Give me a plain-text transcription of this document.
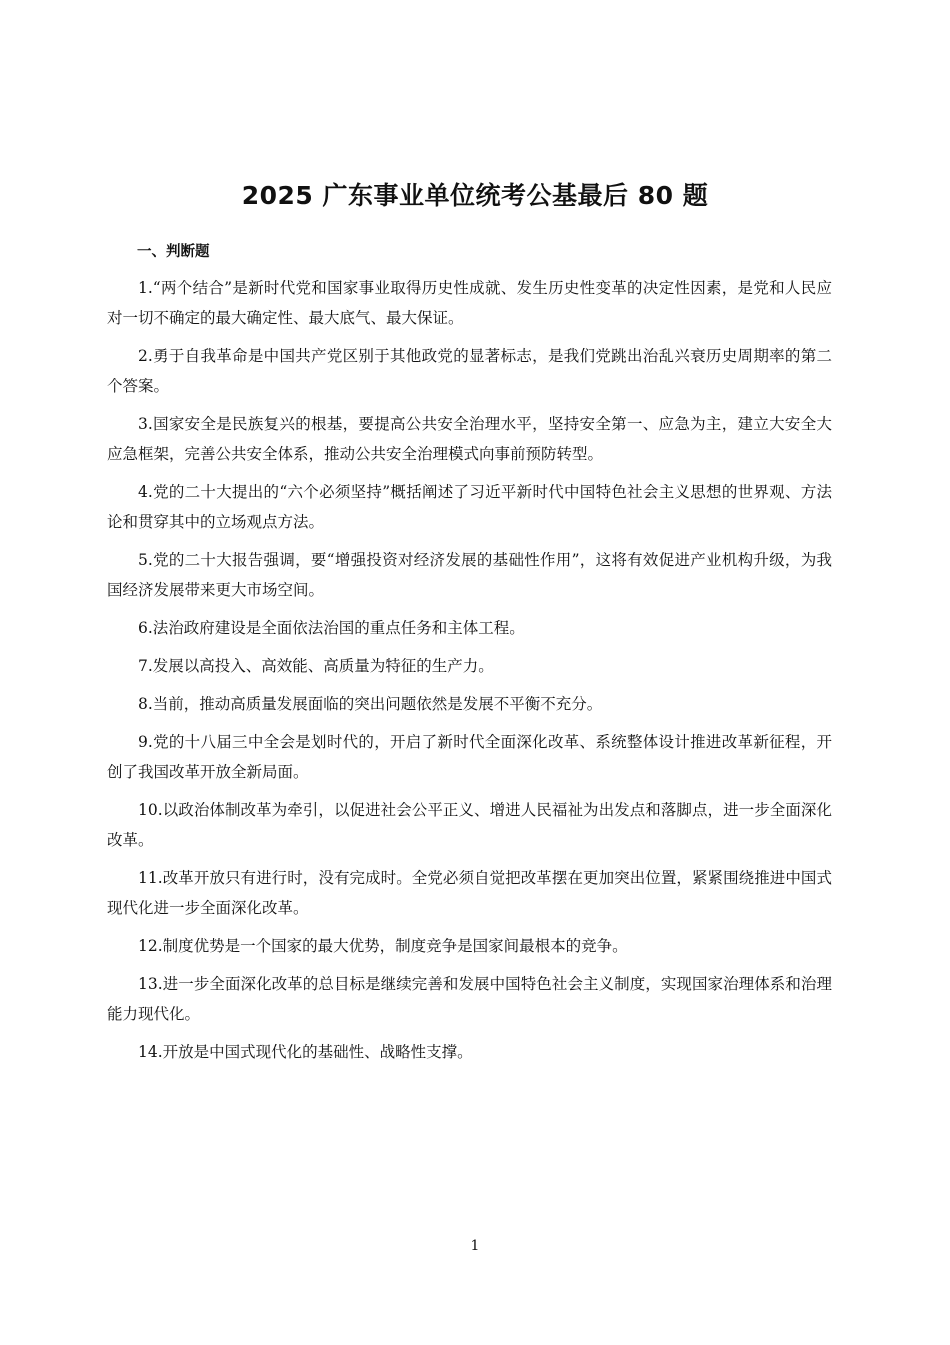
2025 广东事业单位统考公基最后 80 题
一、判断题
1.“两个结合”是新时代党和国家事业取得历史性成就、发生历史性变革的决定性因素，是党和人民应对一切不确定的最大确定性、最大底气、最大保证。
2.勇于自我革命是中国共产党区别于其他政党的显著标志，是我们党跳出治乱兴衰历史周期率的第二个答案。
3.国家安全是民族复兴的根基，要提高公共安全治理水平，坚持安全第一、应急为主，建立大安全大应急框架，完善公共安全体系，推动公共安全治理模式向事前预防转型。
4.党的二十大提出的“六个必须坚持”概括阐述了习近平新时代中国特色社会主义思想的世界观、方法论和贯穿其中的立场观点方法。
5.党的二十大报告强调，要“增强投资对经济发展的基础性作用”，这将有效促进产业机构升级，为我国经济发展带来更大市场空间。
6.法治政府建设是全面依法治国的重点任务和主体工程。
7.发展以高投入、高效能、高质量为特征的生产力。
8.当前，推动高质量发展面临的突出问题依然是发展不平衡不充分。
9.党的十八届三中全会是划时代的，开启了新时代全面深化改革、系统整体设计推进改革新征程，开创了我国改革开放全新局面。
10.以政治体制改革为牵引，以促进社会公平正义、增进人民福祉为出发点和落脚点，进一步全面深化改革。
11.改革开放只有进行时，没有完成时。全党必须自觉把改革摆在更加突出位置，紧紧围绕推进中国式现代化进一步全面深化改革。
12.制度优势是一个国家的最大优势，制度竞争是国家间最根本的竞争。
13.进一步全面深化改革的总目标是继续完善和发展中国特色社会主义制度，实现国家治理体系和治理能力现代化。
14.开放是中国式现代化的基础性、战略性支撑。
1
